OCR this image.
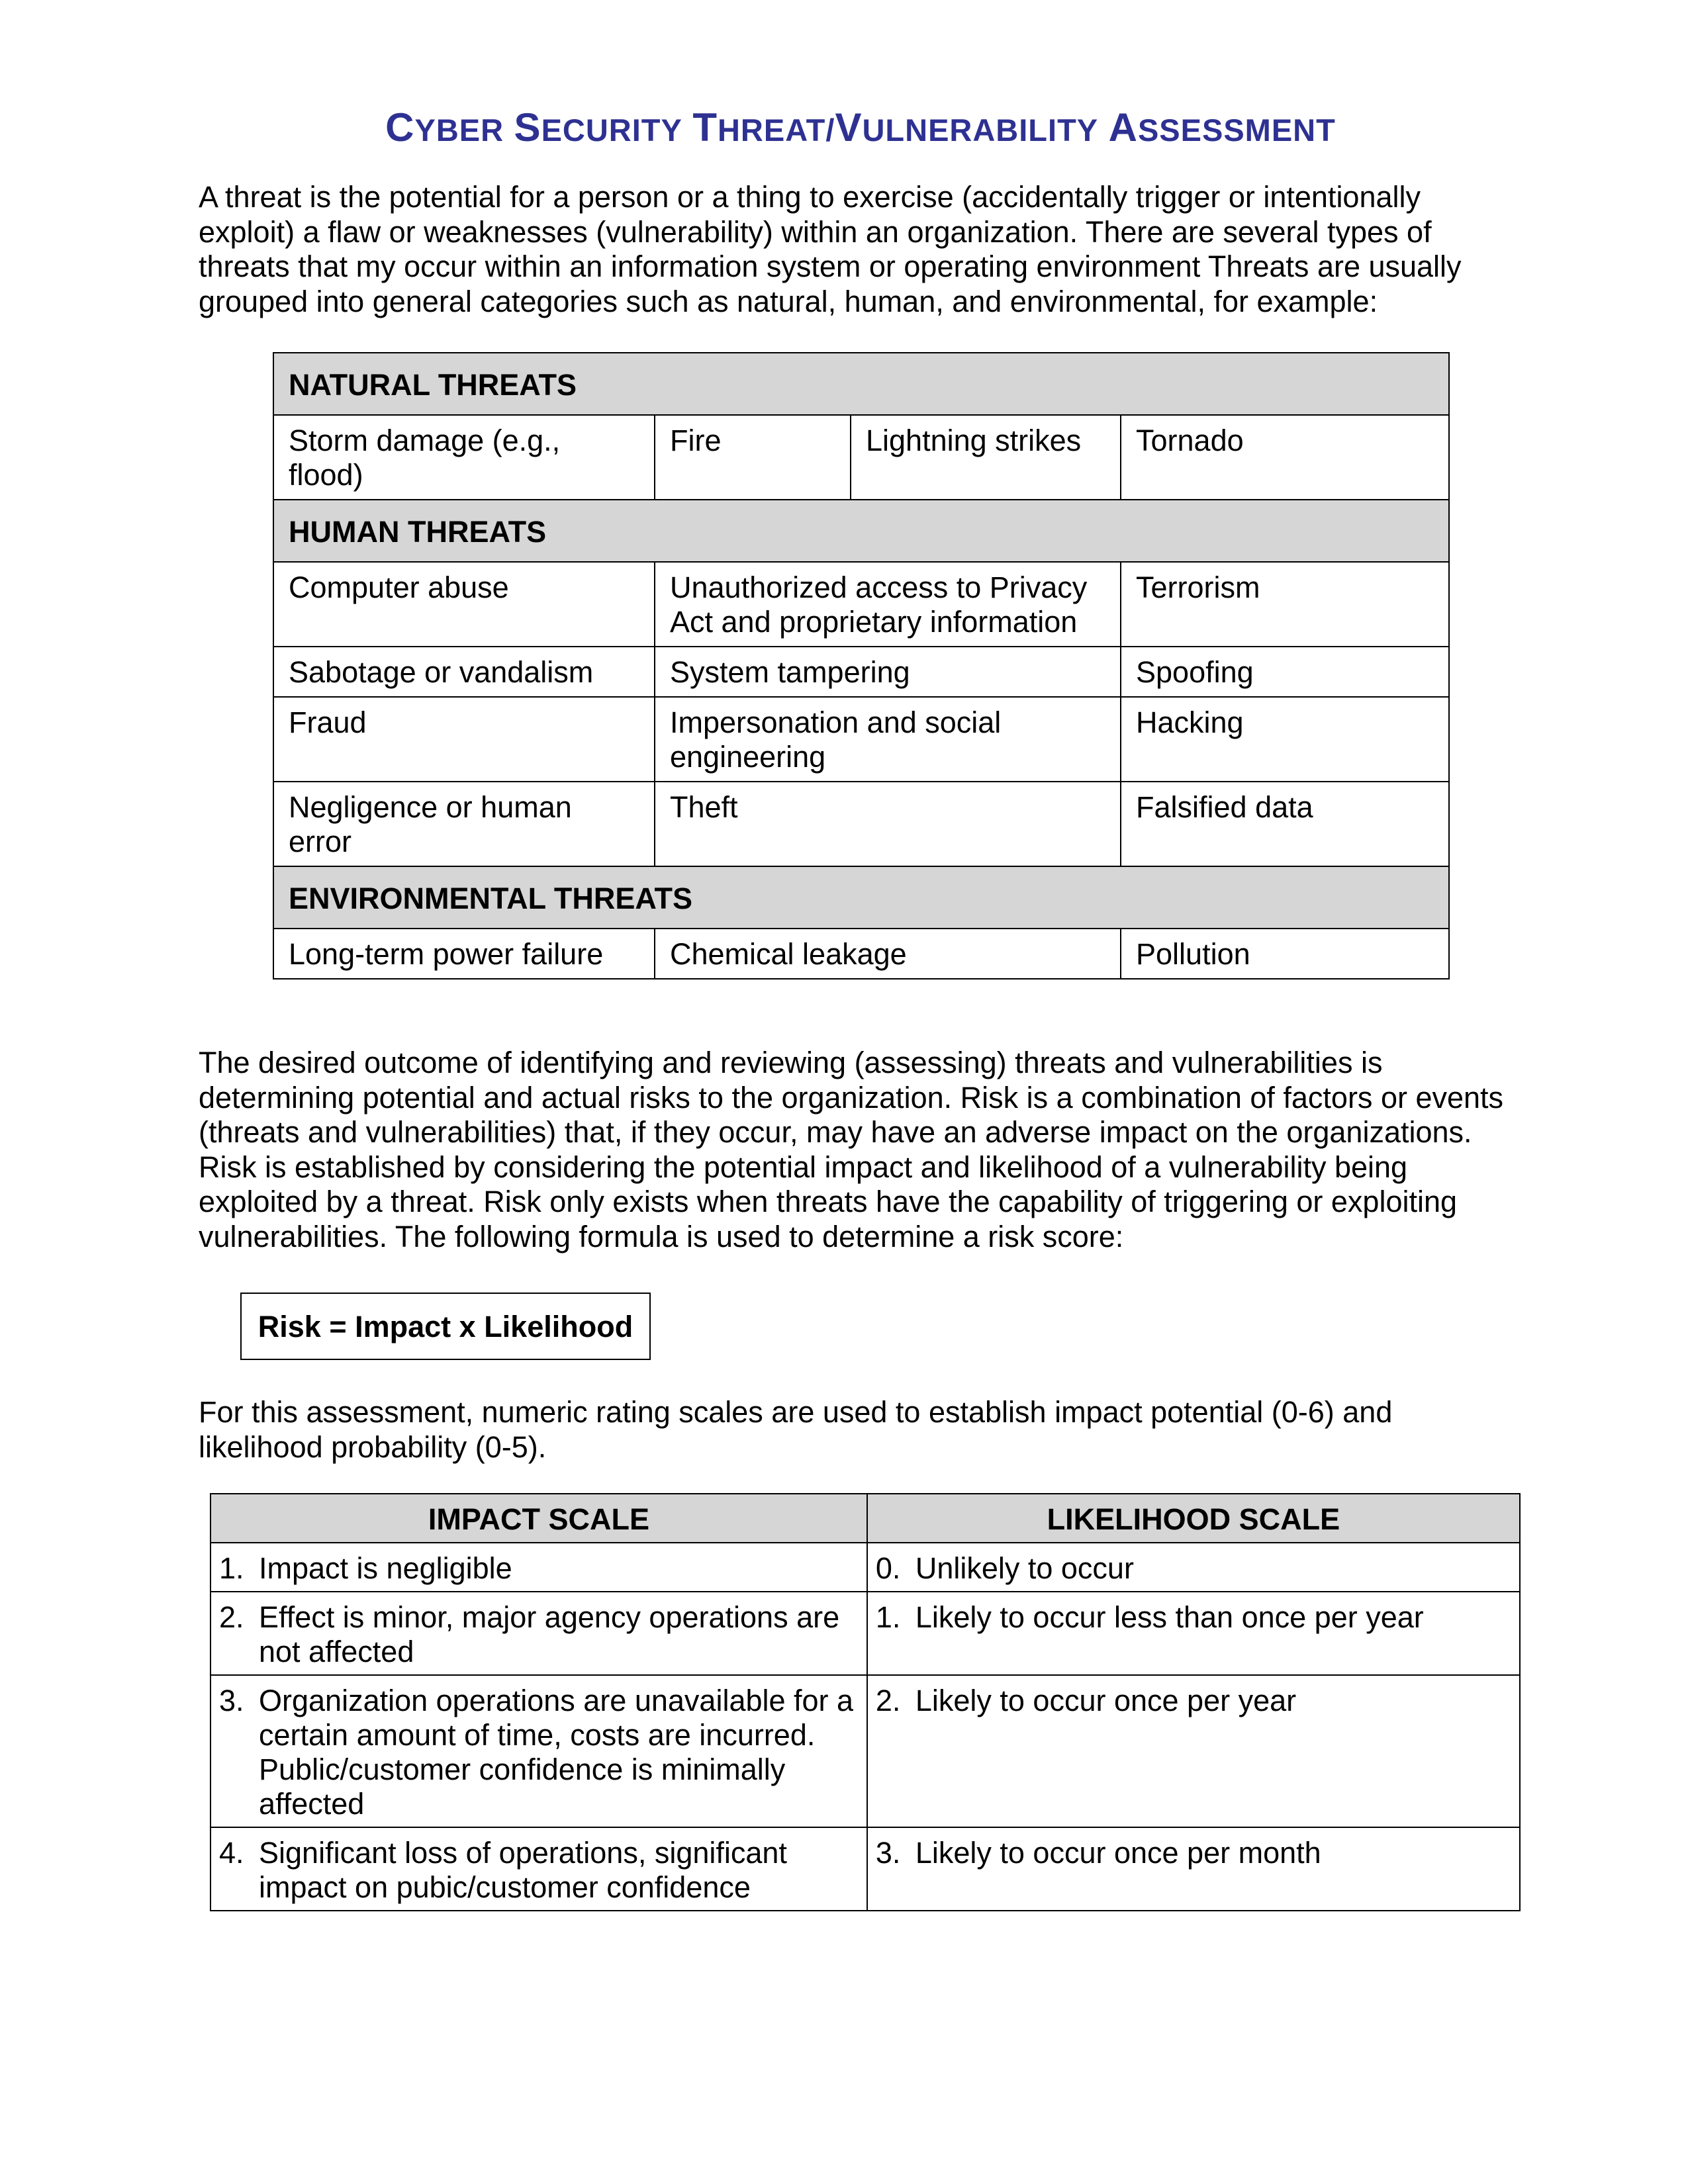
CYBER SECURITY THREAT/VULNERABILITY ASSESSMENT

A threat is the potential for a person or a thing to exercise (accidentally trigger or intentionally exploit) a flaw or weaknesses (vulnerability) within an organization. There are several types of threats that my occur within an information system or operating environment Threats are usually grouped into general categories such as natural, human, and environmental, for example:

NATURAL THREATS			
Storm damage (e.g., flood)	Fire	Lightning strikes	Tornado
HUMAN THREATS			
Computer abuse	Unauthorized access to Privacy Act and proprietary information		Terrorism
Sabotage or vandalism	System tampering		Spoofing
Fraud	Impersonation and social engineering		Hacking
Negligence or human error	Theft		Falsified data
ENVIRONMENTAL THREATS			
Long-term power failure	Chemical leakage		Pollution

The desired outcome of identifying and reviewing (assessing) threats and vulnerabilities is determining potential and actual risks to the organization. Risk is a combination of factors or events (threats and vulnerabilities) that, if they occur, may have an adverse impact on the organizations. Risk is established by considering the potential impact and likelihood of a vulnerability being exploited by a threat. Risk only exists when threats have the capability of triggering or exploiting vulnerabilities. The following formula is used to determine a risk score:

Risk = Impact x Likelihood

For this assessment, numeric rating scales are used to establish impact potential (0-6) and likelihood probability (0-5).

IMPACT SCALE	LIKELIHOOD SCALE

1. Impact is negligible	0. Unlikely to occur

2. Effect is minor, major agency operations are not affected	1. Likely to occur less than once per year

3. Organization operations are unavailable for a certain amount of time, costs are incurred. Public/customer confidence is minimally affected	2. Likely to occur once per year

4. Significant loss of operations, significant impact on pubic/customer confidence	3. Likely to occur once per month
